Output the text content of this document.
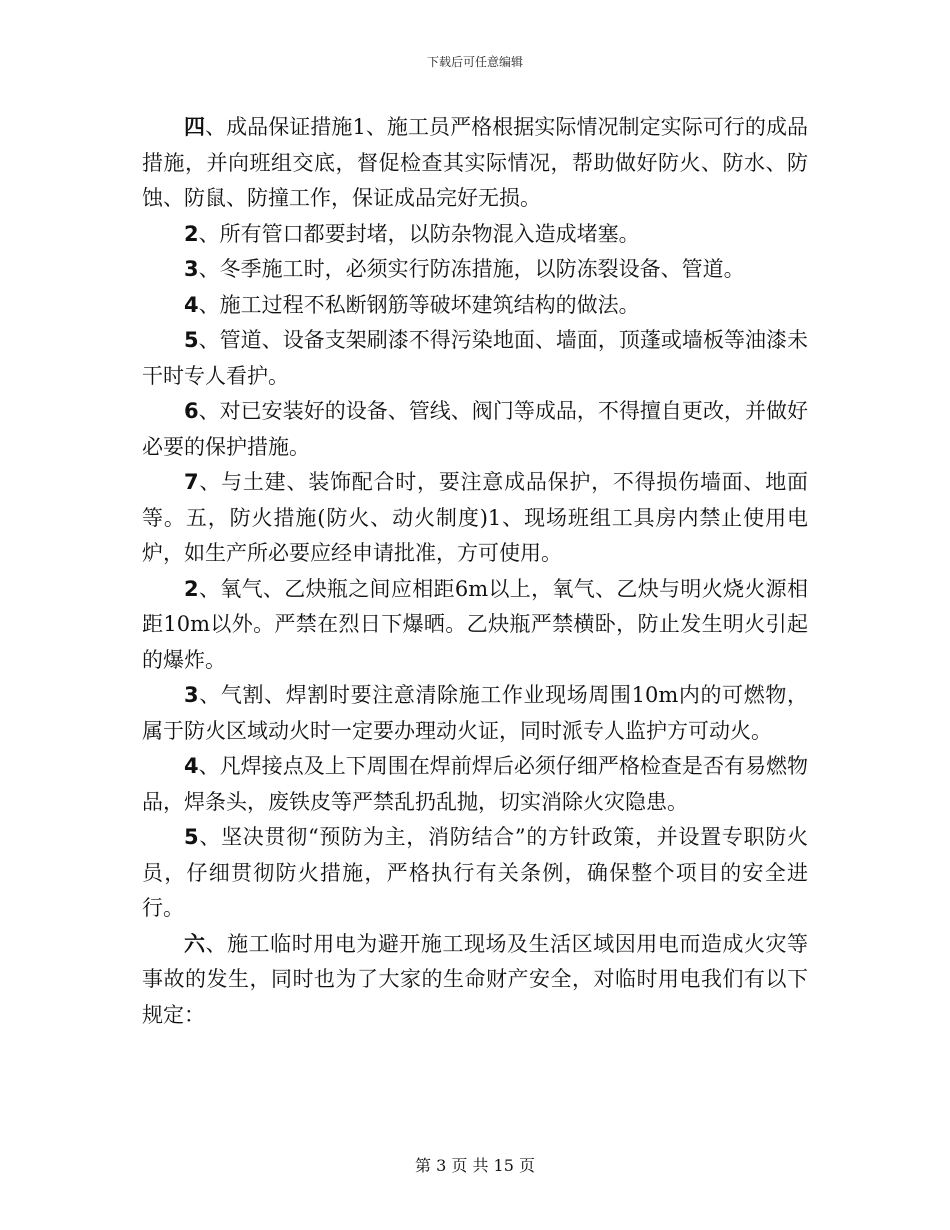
下载后可任意编辑

四、成品保证措施1、施工员严格根据实际情况制定实际可行的成品措施，并向班组交底，督促检查其实际情况，帮助做好防火、防水、防蚀、防鼠、防撞工作，保证成品完好无损。

2、所有管口都要封堵，以防杂物混入造成堵塞。

3、冬季施工时，必须实行防冻措施，以防冻裂设备、管道。

4、施工过程不私断钢筋等破坏建筑结构的做法。

5、管道、设备支架刷漆不得污染地面、墙面，顶蓬或墙板等油漆未干时专人看护。

6、对已安装好的设备、管线、阀门等成品，不得擅自更改，并做好必要的保护措施。

7、与土建、装饰配合时，要注意成品保护，不得损伤墙面、地面等。五，防火措施(防火、动火制度)1、现场班组工具房内禁止使用电炉，如生产所必要应经申请批准，方可使用。

2、氧气、乙炔瓶之间应相距6m以上，氧气、乙炔与明火烧火源相距10m以外。严禁在烈日下爆晒。乙炔瓶严禁横卧，防止发生明火引起的爆炸。

3、气割、焊割时要注意清除施工作业现场周围10m内的可燃物，属于防火区域动火时一定要办理动火证，同时派专人监护方可动火。

4、凡焊接点及上下周围在焊前焊后必须仔细严格检查是否有易燃物品，焊条头，废铁皮等严禁乱扔乱抛，切实消除火灾隐患。

5、坚决贯彻“预防为主，消防结合”的方针政策，并设置专职防火员，仔细贯彻防火措施，严格执行有关条例，确保整个项目的安全进行。

六、施工临时用电为避开施工现场及生活区域因用电而造成火灾等事故的发生，同时也为了大家的生命财产安全，对临时用电我们有以下规定：

第 3 页 共 15 页
